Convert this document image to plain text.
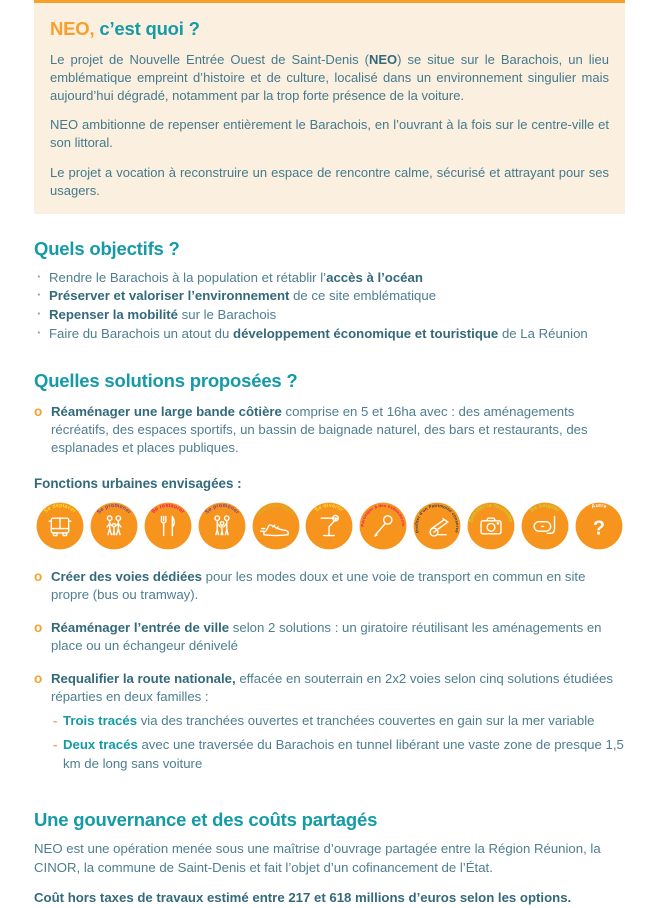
NEO, c’est quoi ?

Le projet de Nouvelle Entrée Ouest de Saint-Denis (NEO) se situe sur le Barachois, un lieu emblématique empreint d’histoire et de culture, localisé dans un environnement singulier mais aujourd’hui dégradé, notamment par la trop forte présence de la voiture.

NEO ambitionne de repenser entièrement le Barachois, en l’ouvrant à la fois sur le centre-ville et son littoral.

Le projet a vocation à reconstruire un espace de rencontre calme, sécurisé et attrayant pour ses usagers.

Quels objectifs ?
· Rendre le Barachois à la population et rétablir l’accès à l’océan
· Préserver et valoriser l’environnement de ce site emblématique
· Repenser la mobilité sur le Barachois
· Faire du Barachois un atout du développement économique et touristique de La Réunion
Quelles solutions proposées ?
o Réaménager une large bande côtière comprise en 5 et 16ha avec : des aménagements récréatifs, des espaces sportifs, un bassin de baignade naturel, des bars et restaurants, des esplanades et places publiques.
Fonctions urbaines envisagées :
Se déplacer	Se promener	Se restaurer	Se promener	Faire du sport
Se divertir
Participer à des événements
Profiter d’un Patrimoine conservé
Booster le tourisme
Se baigner
Autre
?
o Créer des voies dédiées pour les modes doux et une voie de transport en commun en site propre (bus ou tramway).
o Réaménager l’entrée de ville selon 2 solutions : un giratoire réutilisant les aménagements en place ou un échangeur dénivelé
o Requalifier la route nationale, effacée en souterrain en 2x2 voies selon cinq solutions étudiées réparties en deux familles :
- Trois tracés via des tranchées ouvertes et tranchées couvertes en gain sur la mer variable
- Deux tracés avec une traversée du Barachois en tunnel libérant une vaste zone de presque 1,5 km de long sans voiture
Une gouvernance et des coûts partagés

NEO est une opération menée sous une maîtrise d’ouvrage partagée entre la Région Réunion, la CINOR, la commune de Saint-Denis et fait l’objet d’un cofinancement de l’État.

Coût hors taxes de travaux estimé entre 217 et 618 millions d’euros selon les options.
